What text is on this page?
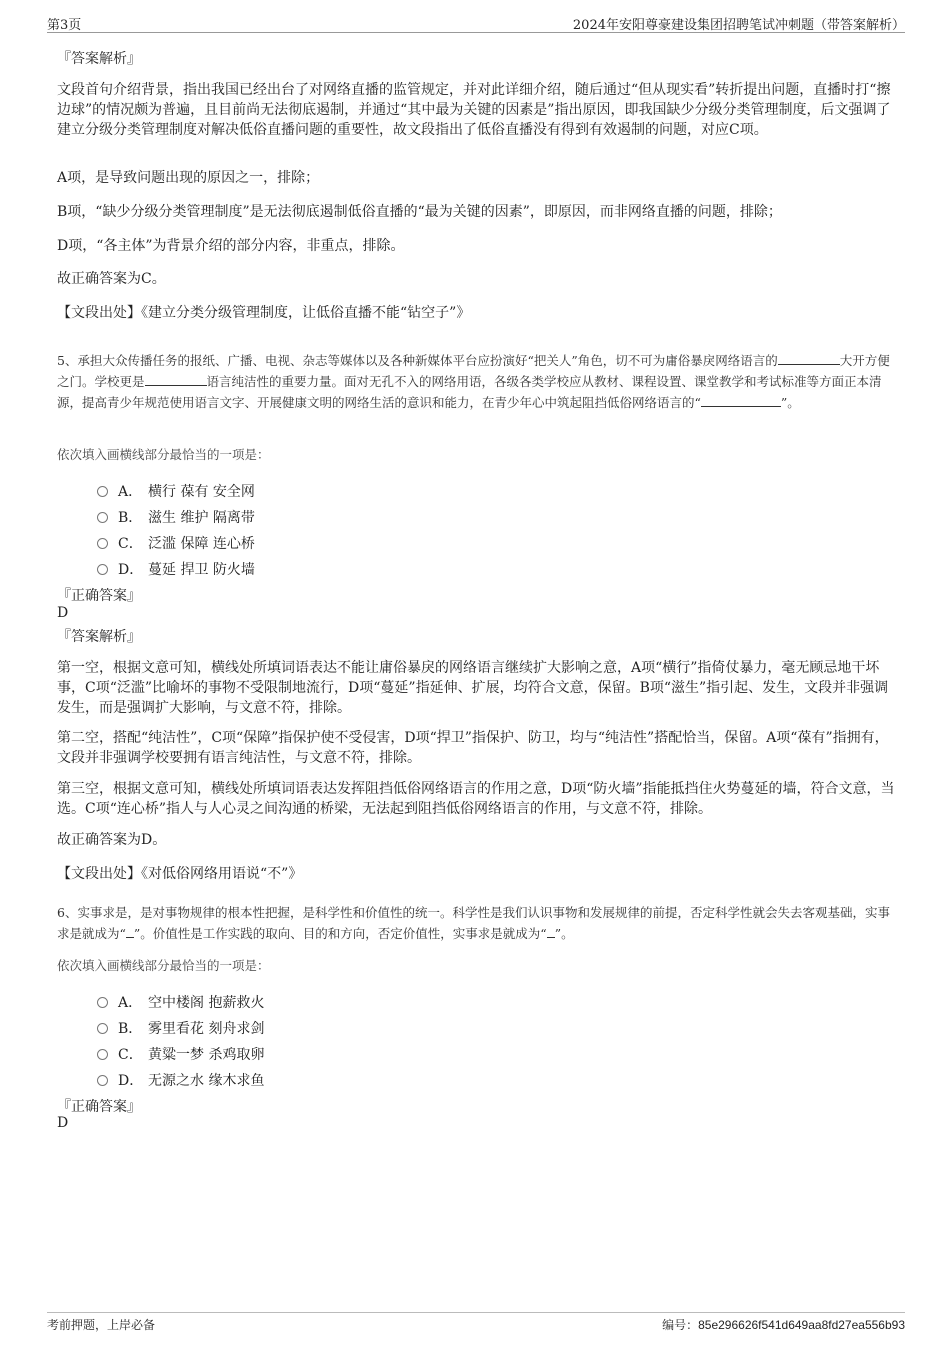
第3页	2024年安阳尊豪建设集团招聘笔试冲刺题（带答案解析）
『答案解析』
文段首句介绍背景，指出我国已经出台了对网络直播的监管规定，并对此详细介绍，随后通过“但从现实看”转折提出问题，直播时打“擦边球”的情况颇为普遍，且目前尚无法彻底遏制，并通过“其中最为关键的因素是”指出原因，即我国缺少分级分类管理制度，后文强调了建立分级分类管理制度对解决低俗直播问题的重要性，故文段指出了低俗直播没有得到有效遏制的问题，对应C项。
A项，是导致问题出现的原因之一，排除；
B项，“缺少分级分类管理制度”是无法彻底遏制低俗直播的“最为关键的因素”，即原因，而非网络直播的问题，排除；
D项，“各主体”为背景介绍的部分内容，非重点，排除。
故正确答案为C。
【文段出处】《建立分类分级管理制度，让低俗直播不能“钻空子”》
5、承担大众传播任务的报纸、广播、电视、杂志等媒体以及各种新媒体平台应扮演好“把关人”角色，切不可为庸俗暴戾网络语言的	大开方便之门。学校更是	语言纯洁性的重要力量。面对无孔不入的网络用语，各级各类学校应从教材、课程设置、课堂教学和考试标准等方面正本清源，提高青少年规范使用语言文字、开展健康文明的网络生活的意识和能力，在青少年心中筑起阻挡低俗网络语言的“	”。
依次填入画横线部分最恰当的一项是：
A． 横行 葆有 安全网
B． 滋生 维护 隔离带
C． 泛滥 保障 连心桥
D． 蔓延 捍卫 防火墙
『正确答案』
D
『答案解析』
第一空，根据文意可知，横线处所填词语表达不能让庸俗暴戾的网络语言继续扩大影响之意，A项“横行”指倚仗暴力，毫无顾忌地干坏事，C项“泛滥”比喻坏的事物不受限制地流行，D项“蔓延”指延伸、扩展，均符合文意，保留。B项“滋生”指引起、发生，文段并非强调发生，而是强调扩大影响，与文意不符，排除。
第二空，搭配“纯洁性”，C项“保障”指保护使不受侵害，D项“捍卫”指保护、防卫，均与“纯洁性”搭配恰当，保留。A项“葆有”指拥有，文段并非强调学校要拥有语言纯洁性，与文意不符，排除。
第三空，根据文意可知，横线处所填词语表达发挥阻挡低俗网络语言的作用之意，D项“防火墙”指能抵挡住火势蔓延的墙，符合文意，当选。C项“连心桥”指人与人心灵之间沟通的桥梁，无法起到阻挡低俗网络语言的作用，与文意不符，排除。
故正确答案为D。
【文段出处】《对低俗网络用语说“不”》
6、实事求是，是对事物规律的根本性把握，是科学性和价值性的统一。科学性是我们认识事物和发展规律的前提，否定科学性就会失去客观基础，实事求是就成为“ ”。价值性是工作实践的取向、目的和方向，否定价值性，实事求是就成为“ ”。
依次填入画横线部分最恰当的一项是：
A． 空中楼阁 抱薪救火
B． 雾里看花 刻舟求剑
C． 黄粱一梦 杀鸡取卵
D． 无源之水 缘木求鱼
『正确答案』
D
考前押题，上岸必备	编号：85e296626f541d649aa8fd27ea556b93
